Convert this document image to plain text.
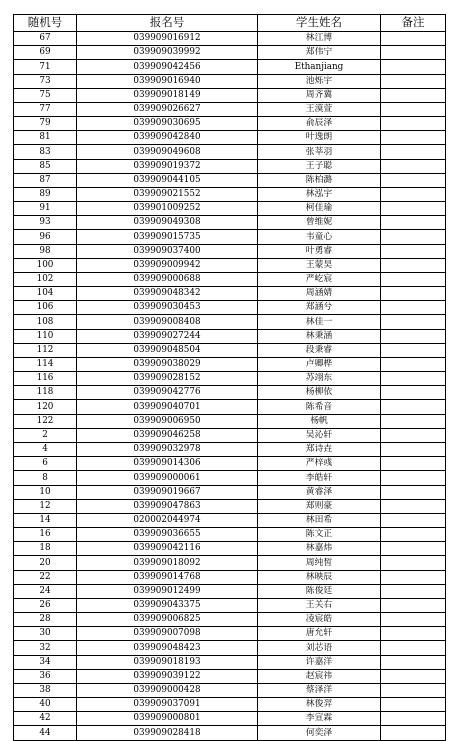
随机号	报名号	学生姓名	备注
67	039909016912	林江博	
69	039909039992	郑伟宁	
71	039909042456	Ethanjiang	
73	039909016940	池烁宇	
75	039909018149	周齐冀	
77	039909026627	王漠萱	
79	039909030695	俞辰泽	
81	039909042840	叶逸朗	
83	039909049608	张莘羽	
85	039909019372	王子聪	
87	039909044105	陈柏潞	
89	039909021552	林泓宇	
91	039901009252	柯佳瑜	
93	039909049308	曾维妮	
96	039909015735	韦童心	
98	039909037400	叶勇睿	
100	039909009942	王蒙昊	
102	039909000688	严屹宸	
104	039909048342	周涵婧	
106	039909030453	郑涵兮	
108	039909008408	林佳一	
110	039909027244	林秉涵	
112	039909048504	段秉睿	
114	039909038029	卢卿桦	
116	039909028152	苏翊东	
118	039909042776	杨柳依	
120	039909040701	陈希音	
122	039909006950	杨帆	
2	039909046258	吴沁轩	
4	039909032978	郑诗垚	
6	039909014306	严梓彧	
8	039909000061	李皓轩	
10	039909019667	黄睿泽	
12	039909047863	郑则豪	
14	020002044974	林田希	
16	039909036655	陈文正	
18	039909042116	林嘉炜	
20	039909018092	周纯皙	
22	039909014768	林映辰	
24	039909012499	陈俊廷	
26	039909043375	王关右	
28	039909006825	凌宸皓	
30	039909007098	唐允轩	
32	039909048423	刘芯语	
34	039909018193	许嘉洋	
36	039909039122	赵宸祎	
38	039909000428	蔡泽洋	
40	039909037091	林俊羿	
42	039909000801	李宣霖	
44	039909028418	何奕泽	
